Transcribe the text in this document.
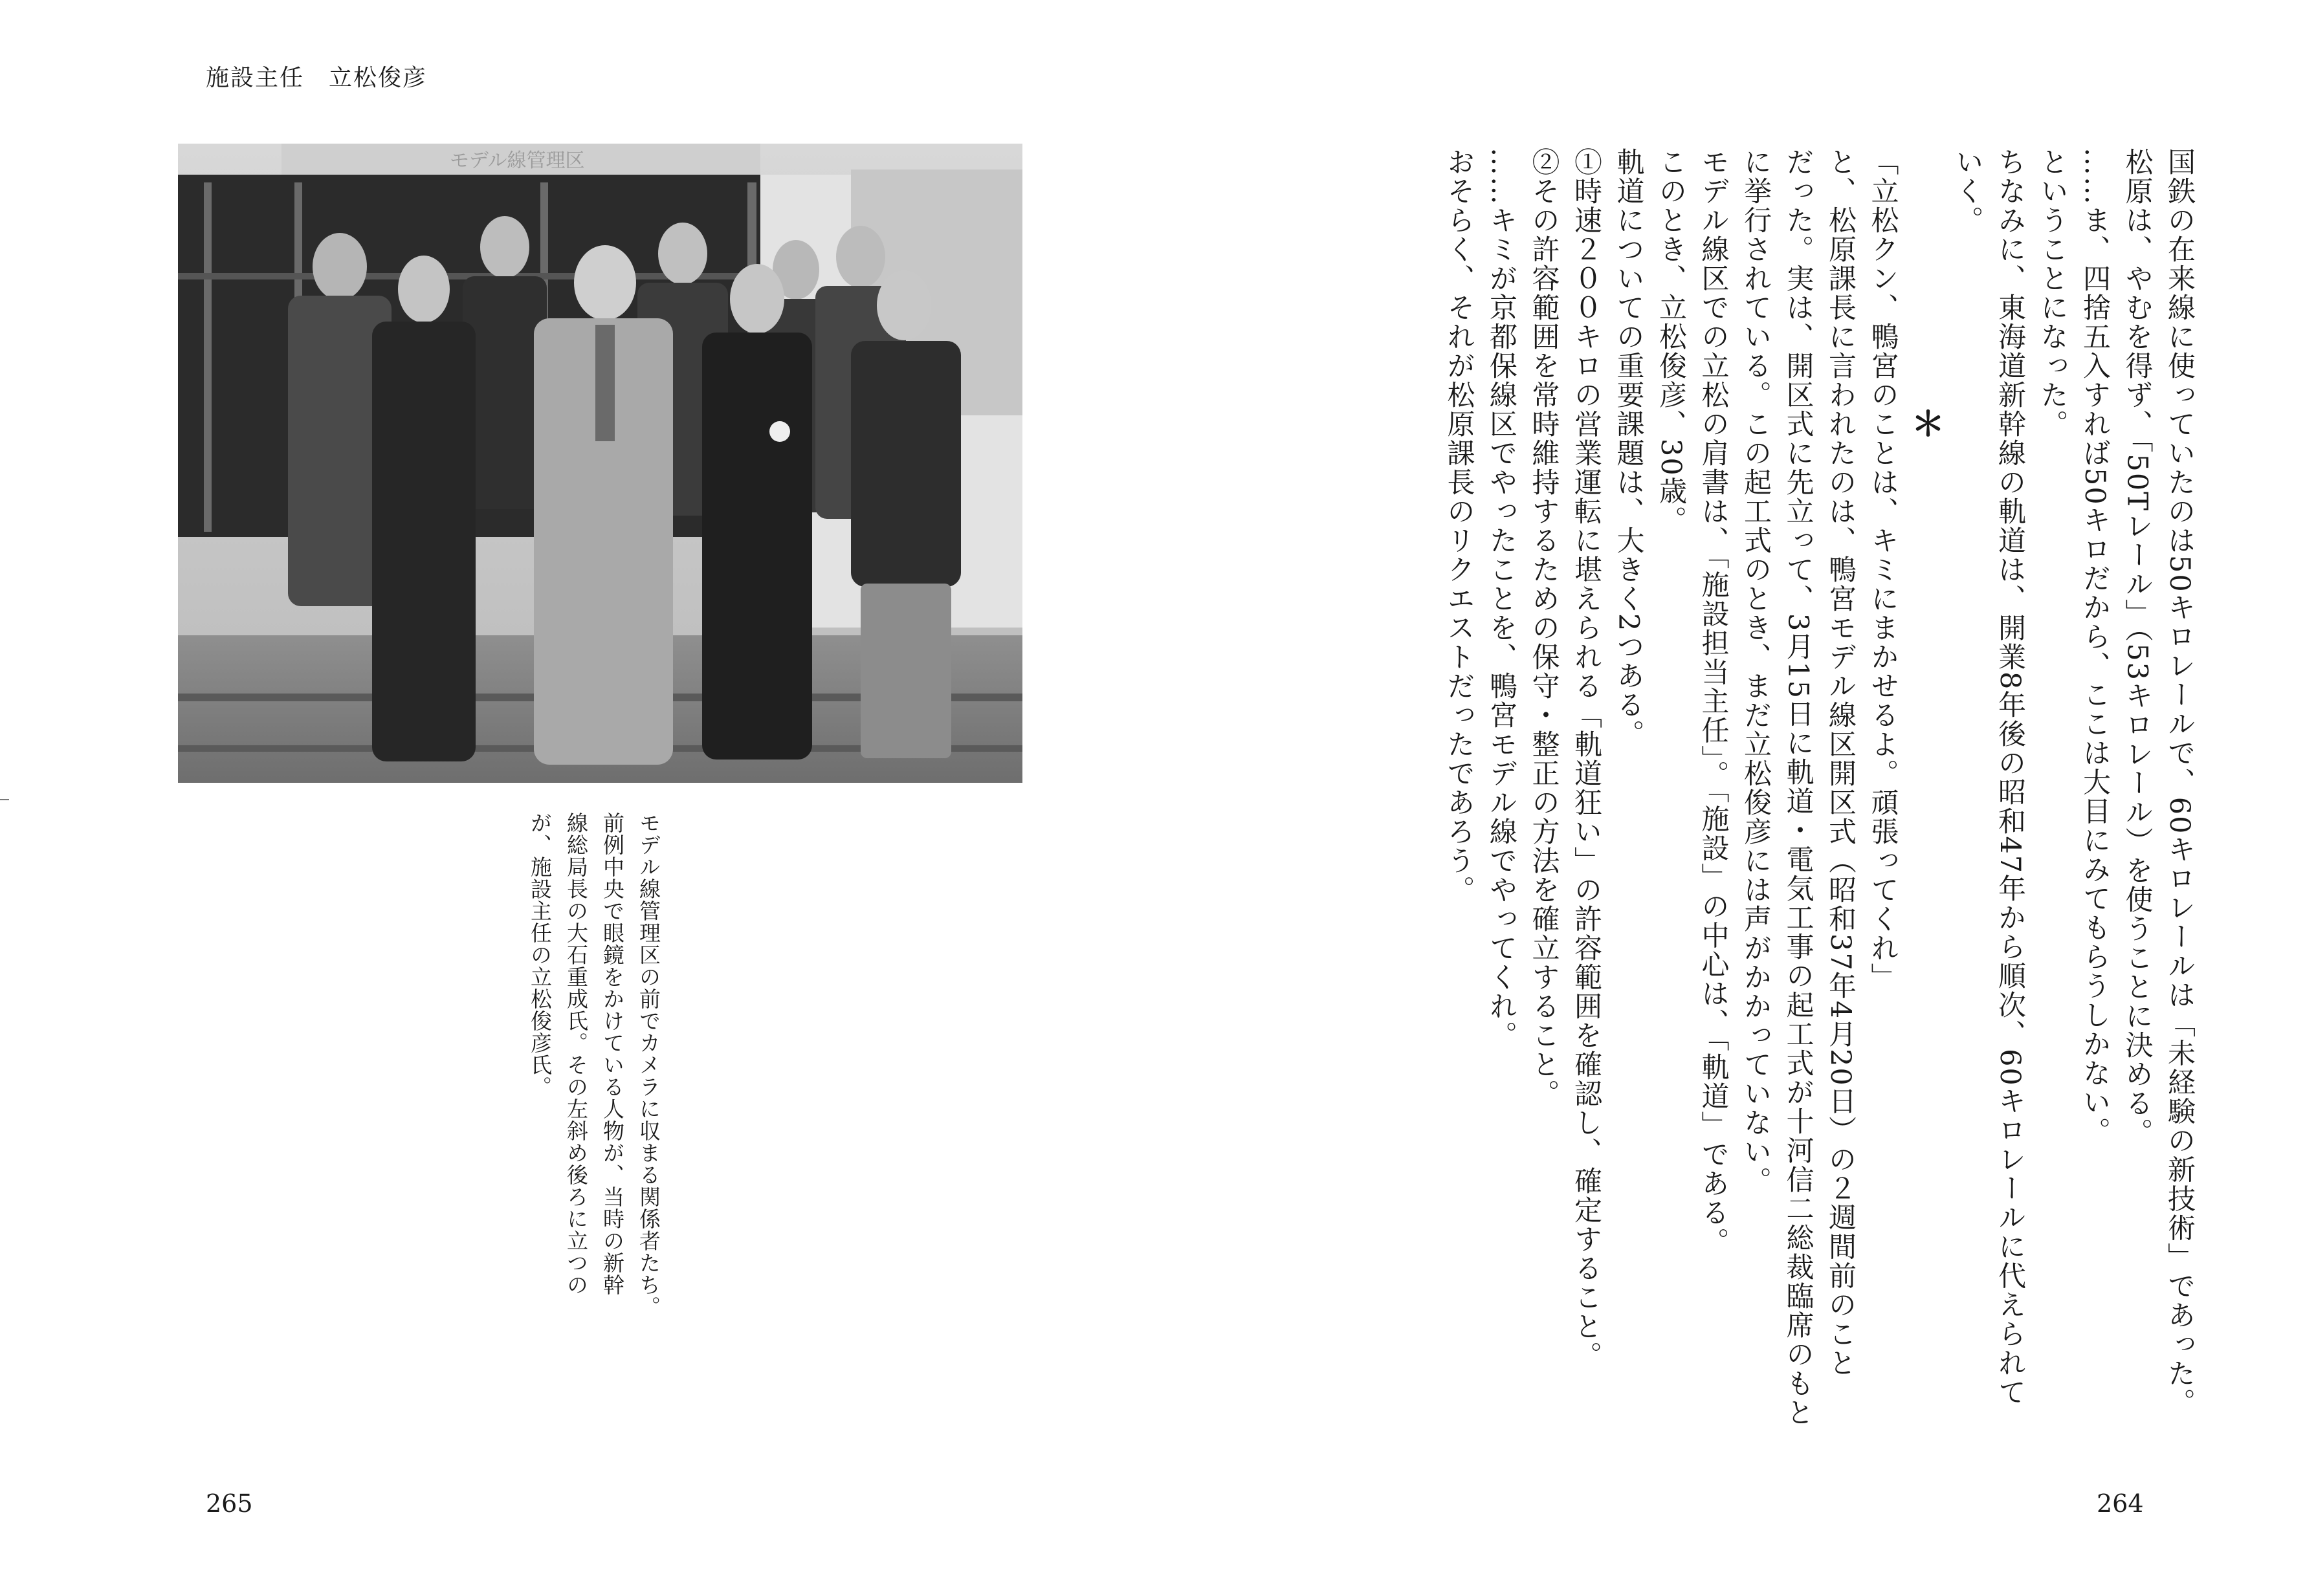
施設主任　立松俊彦
モデル線管理区
モデル線管理区の前でカメラに収まる関係者たち。
前例中央で眼鏡をかけている人物が、当時の新幹
線総局長の大石重成氏。その左斜め後ろに立つの
が、施設主任の立松俊彦氏。	国鉄の在来線に使っていたのは50キロレールで、60キロレールは「未経験の新技術」であった。
松原は、やむを得ず、「50Tレール」（53キロレール）を使うことに決める。
……ま、四捨五入すれば50キロだから、ここは大目にみてもらうしかない。
ということになった。
ちなみに、東海道新幹線の軌道は、開業8年後の昭和47年から順次、60キロレールに代えられて
いく。
＊
「立松クン、鴨宮のことは、キミにまかせるよ。頑張ってくれ」
と、松原課長に言われたのは、鴨宮モデル線区開区式（昭和37年4月20日）の２週間前のこと
だった。実は、開区式に先立って、3月15日に軌道・電気工事の起工式が十河信二総裁臨席のもと
に挙行されている。この起工式のとき、まだ立松俊彦には声がかかっていない。
モデル線区での立松の肩書は、「施設担当主任」。「施設」の中心は、「軌道」である。
このとき、立松俊彦、30歳。
軌道についての重要課題は、大きく2つある。
①時速２００キロの営業運転に堪えられる「軌道狂い」の許容範囲を確認し、確定すること。
②その許容範囲を常時維持するための保守・整正の方法を確立すること。
……キミが京都保線区でやったことを、鴨宮モデル線でやってくれ。
おそらく、それが松原課長のリクエストだったであろう。
265	264
